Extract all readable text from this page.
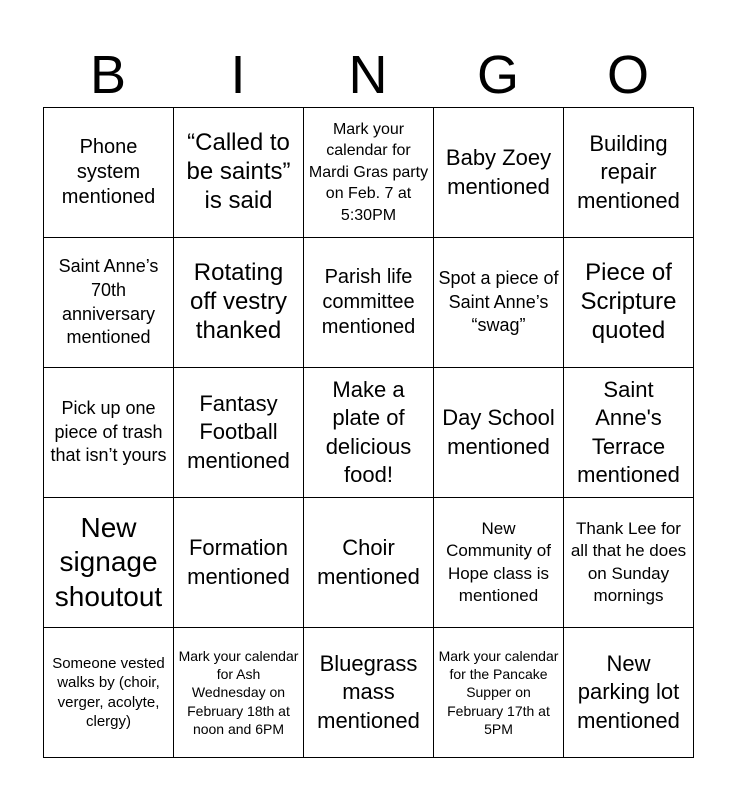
B	I	N	G	O
Phone system mentioned	“Called to be saints” is said	Mark your calendar for Mardi Gras party on Feb. 7 at 5:30PM	Baby Zoey mentioned	Building repair mentioned
Saint Anne’s 70th anniversary mentioned	Rotating off vestry thanked	Parish life committee mentioned	Spot a piece of Saint Anne’s “swag”	Piece of Scripture quoted
Pick up one piece of trash that isn’t yours	Fantasy Football mentioned	Make a plate of delicious food!	Day School mentioned	Saint Anne's Terrace mentioned
New signage shoutout	Formation mentioned	Choir mentioned	New Community of Hope class is mentioned	Thank Lee for all that he does on Sunday mornings
Someone vested walks by (choir, verger, acolyte, clergy)	Mark your calendar for Ash Wednesday on February 18th at noon and 6PM	Bluegrass mass mentioned	Mark your calendar for the Pancake Supper on February 17th at 5PM	New parking lot mentioned
